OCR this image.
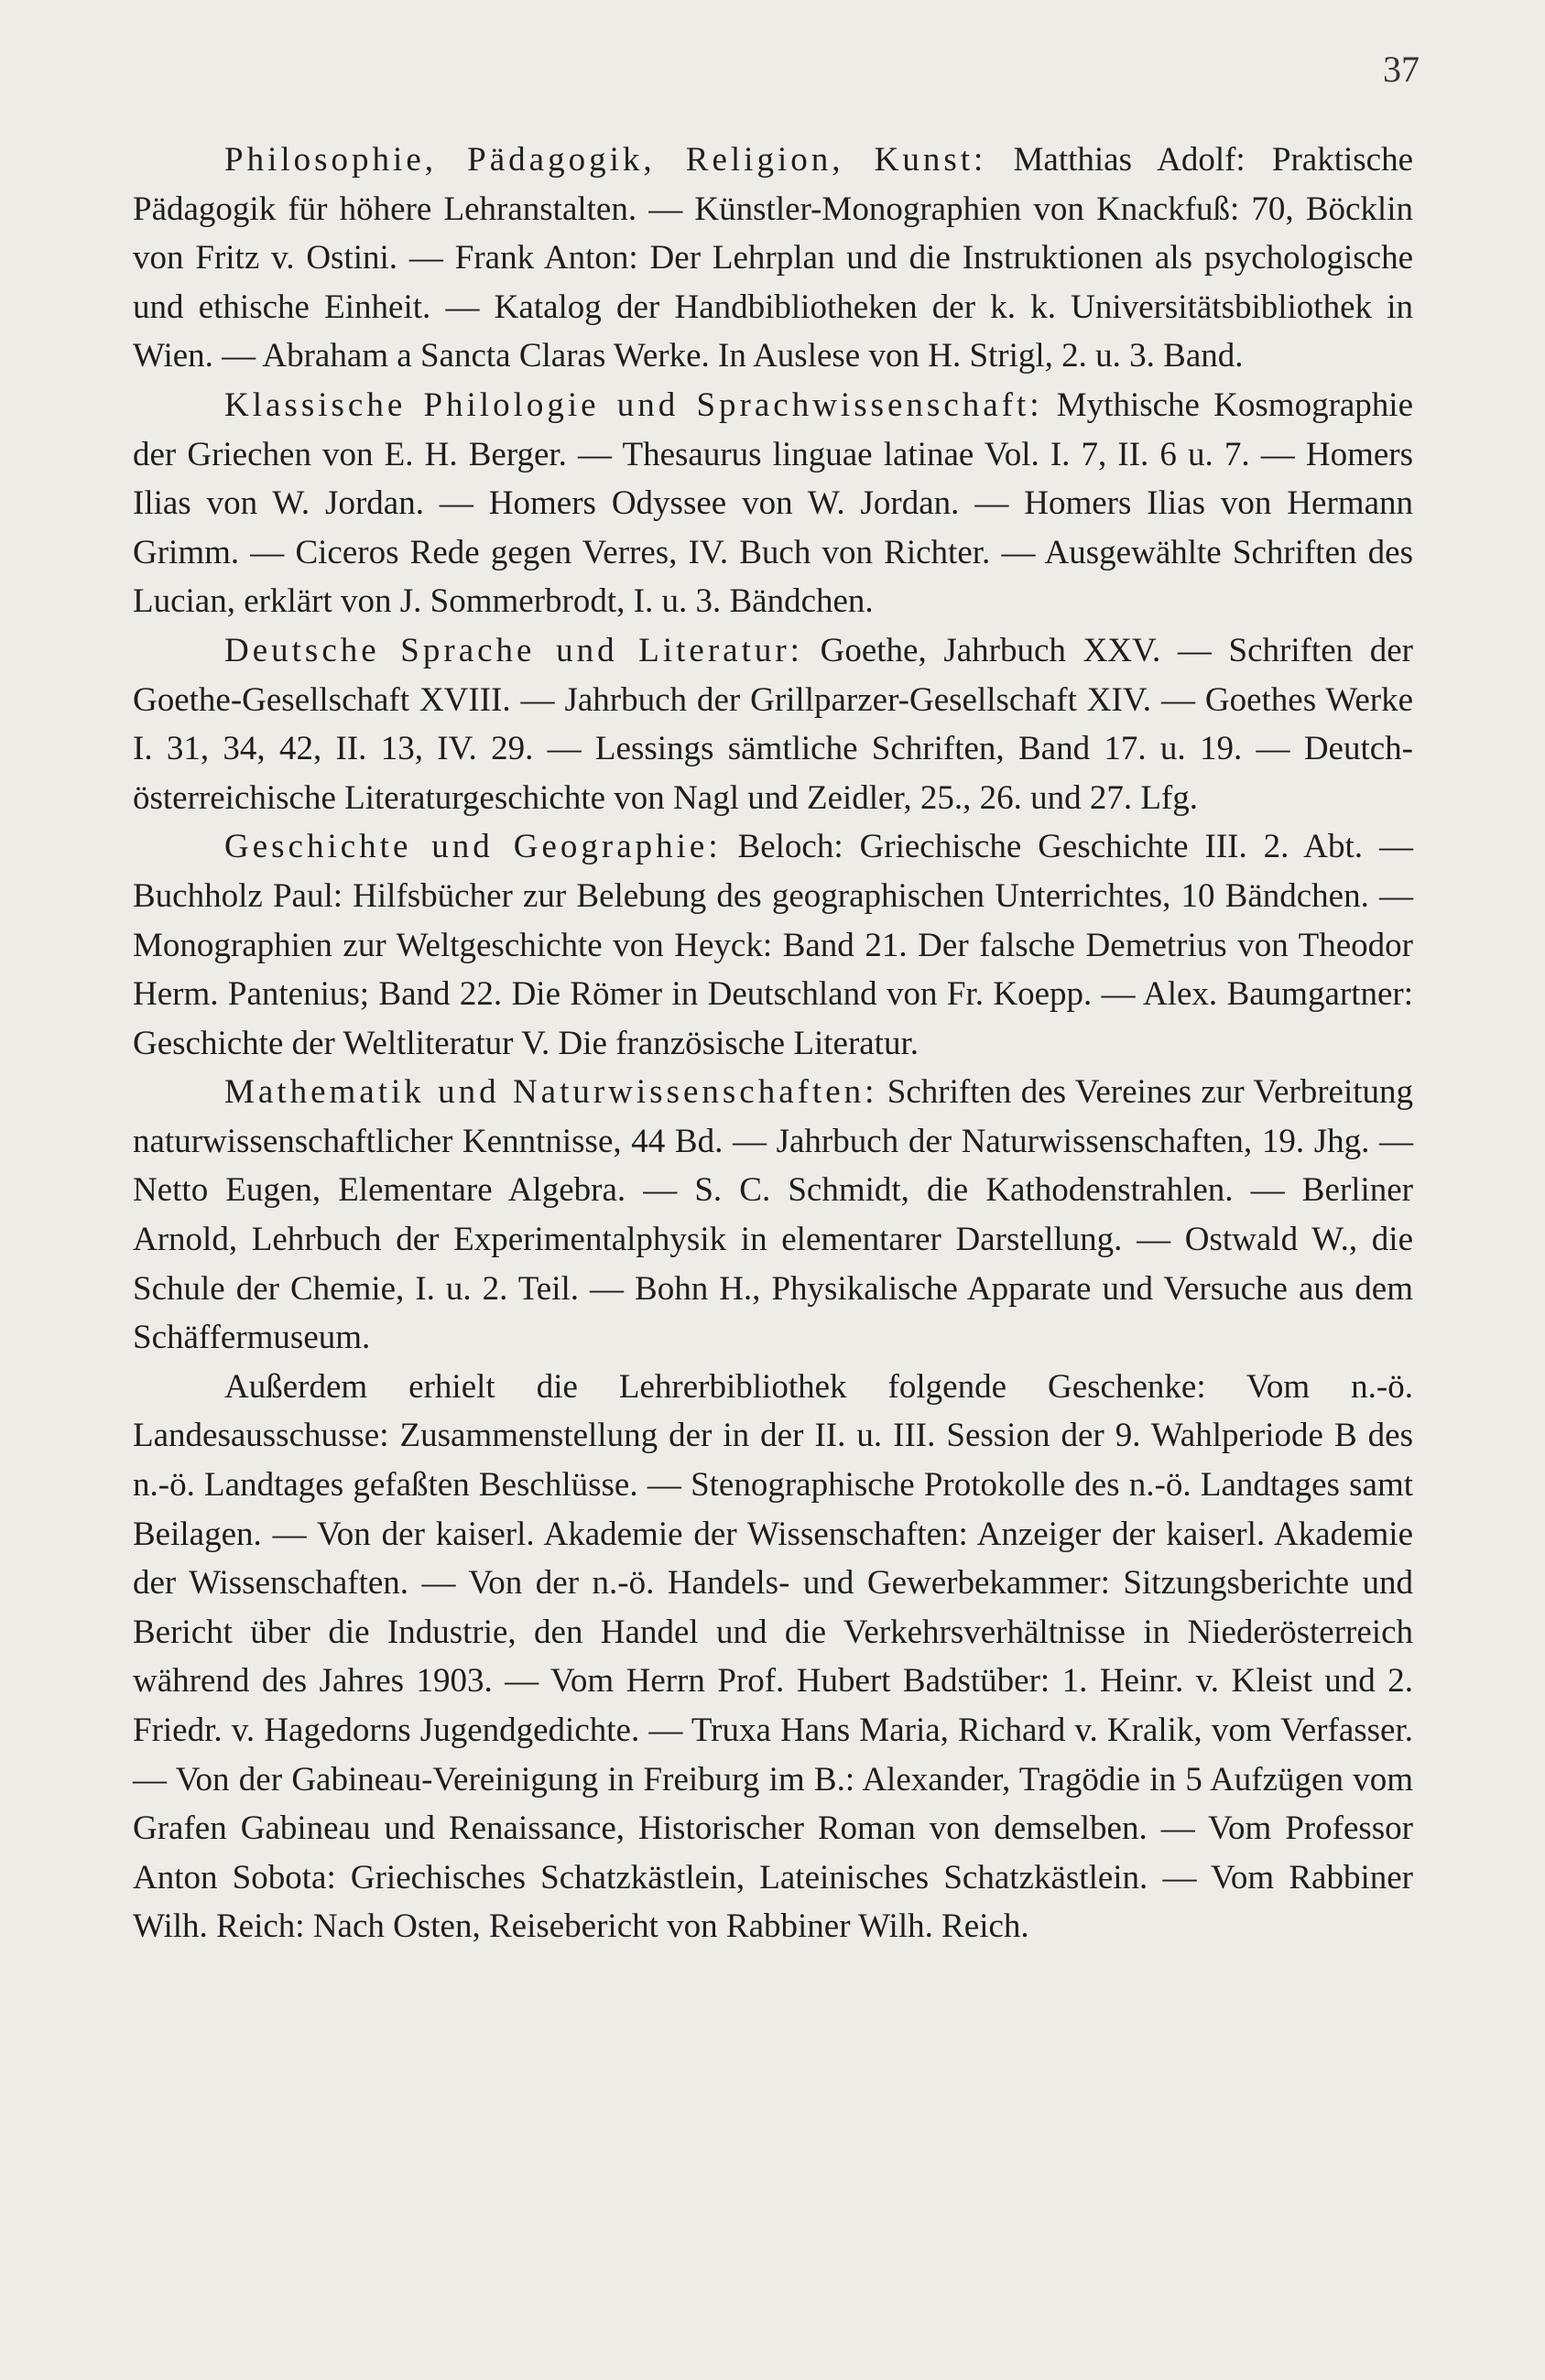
37

Philosophie, Pädagogik, Religion, Kunst: Matthias Adolf: Praktische Pädagogik für höhere Lehranstalten. — Künstler-Monographien von Knackfuß: 70, Böcklin von Fritz v. Ostini. — Frank Anton: Der Lehrplan und die Instruktionen als psychologische und ethische Einheit. — Katalog der Handbibliotheken der k. k. Universitätsbibliothek in Wien. — Abraham a Sancta Claras Werke. In Auslese von H. Strigl, 2. u. 3. Band.

Klassische Philologie und Sprachwissenschaft: Mythische Kosmographie der Griechen von E. H. Berger. — Thesaurus linguae latinae Vol. I. 7, II. 6 u. 7. — Homers Ilias von W. Jordan. — Homers Odyssee von W. Jordan. — Homers Ilias von Hermann Grimm. — Ciceros Rede gegen Verres, IV. Buch von Richter. — Ausgewählte Schriften des Lucian, erklärt von J. Sommerbrodt, I. u. 3. Bändchen.

Deutsche Sprache und Literatur: Goethe, Jahrbuch XXV. — Schriften der Goethe-Gesellschaft XVIII. — Jahrbuch der Grillparzer-Gesellschaft XIV. — Goethes Werke I. 31, 34, 42, II. 13, IV. 29. — Lessings sämtliche Schriften, Band 17. u. 19. — Deutch-österreichische Literaturgeschichte von Nagl und Zeidler, 25., 26. und 27. Lfg.

Geschichte und Geographie: Beloch: Griechische Geschichte III. 2. Abt. — Buchholz Paul: Hilfsbücher zur Belebung des geographischen Unterrichtes, 10 Bändchen. — Monographien zur Weltgeschichte von Heyck: Band 21. Der falsche Demetrius von Theodor Herm. Pantenius; Band 22. Die Römer in Deutschland von Fr. Koepp. — Alex. Baumgartner: Geschichte der Weltliteratur V. Die französische Literatur.

Mathematik und Naturwissenschaften: Schriften des Vereines zur Verbreitung naturwissenschaftlicher Kenntnisse, 44 Bd. — Jahrbuch der Naturwissenschaften, 19. Jhg. — Netto Eugen, Elementare Algebra. — S. C. Schmidt, die Kathodenstrahlen. — Berliner Arnold, Lehrbuch der Experimentalphysik in elementarer Darstellung. — Ostwald W., die Schule der Chemie, I. u. 2. Teil. — Bohn H., Physikalische Apparate und Versuche aus dem Schäffermuseum.

Außerdem erhielt die Lehrerbibliothek folgende Geschenke: Vom n.-ö. Landesausschusse: Zusammenstellung der in der II. u. III. Session der 9. Wahlperiode B des n.-ö. Landtages gefaßten Beschlüsse. — Stenographische Protokolle des n.-ö. Landtages samt Beilagen. — Von der kaiserl. Akademie der Wissenschaften: Anzeiger der kaiserl. Akademie der Wissenschaften. — Von der n.-ö. Handels- und Gewerbekammer: Sitzungsberichte und Bericht über die Industrie, den Handel und die Verkehrsverhältnisse in Niederösterreich während des Jahres 1903. — Vom Herrn Prof. Hubert Badstüber: 1. Heinr. v. Kleist und 2. Friedr. v. Hagedorns Jugendgedichte. — Truxa Hans Maria, Richard v. Kralik, vom Verfasser. — Von der Gabineau-Vereinigung in Freiburg im B.: Alexander, Tragödie in 5 Aufzügen vom Grafen Gabineau und Renaissance, Historischer Roman von demselben. — Vom Professor Anton Sobota: Griechisches Schatzkästlein, Lateinisches Schatzkästlein. — Vom Rabbiner Wilh. Reich: Nach Osten, Reisebericht von Rabbiner Wilh. Reich.
